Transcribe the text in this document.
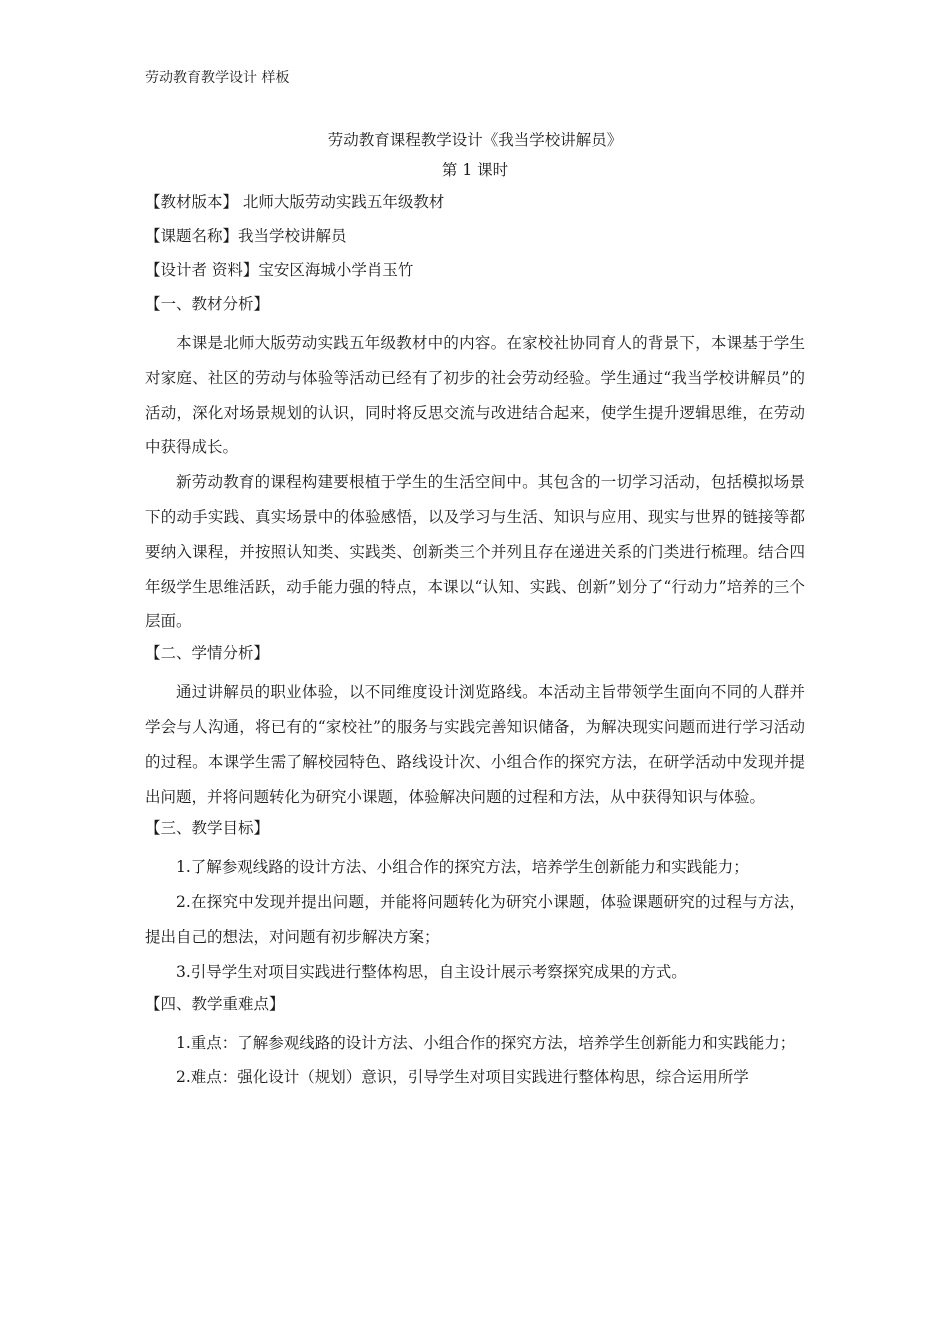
劳动教育教学设计 样板
劳动教育课程教学设计《我当学校讲解员》
第 1 课时
【教材版本】 北师大版劳动实践五年级教材
【课题名称】我当学校讲解员
【设计者 资料】宝安区海城小学肖玉竹
【一、教材分析】

本课是北师大版劳动实践五年级教材中的内容。在家校社协同育人的背景下，本课基于学生对家庭、社区的劳动与体验等活动已经有了初步的社会劳动经验。学生通过“我当学校讲解员”的活动，深化对场景规划的认识，同时将反思交流与改进结合起来，使学生提升逻辑思维，在劳动中获得成长。

新劳动教育的课程构建要根植于学生的生活空间中。其包含的一切学习活动，包括模拟场景下的动手实践、真实场景中的体验感悟，以及学习与生活、知识与应用、现实与世界的链接等都要纳入课程，并按照认知类、实践类、创新类三个并列且存在递进关系的门类进行梳理。结合四年级学生思维活跃，动手能力强的特点，本课以“认知、实践、创新”划分了“行动力”培养的三个层面。

【二、学情分析】

通过讲解员的职业体验，以不同维度设计浏览路线。本活动主旨带领学生面向不同的人群并学会与人沟通，将已有的“家校社”的服务与实践完善知识储备，为解决现实问题而进行学习活动的过程。本课学生需了解校园特色、路线设计次、小组合作的探究方法，在研学活动中发现并提出问题，并将问题转化为研究小课题，体验解决问题的过程和方法，从中获得知识与体验。

【三、教学目标】

1.了解参观线路的设计方法、小组合作的探究方法，培养学生创新能力和实践能力；

2.在探究中发现并提出问题，并能将问题转化为研究小课题，体验课题研究的过程与方法，提出自己的想法，对问题有初步解决方案；

3.引导学生对项目实践进行整体构思，自主设计展示考察探究成果的方式。

【四、教学重难点】

1.重点：了解参观线路的设计方法、小组合作的探究方法，培养学生创新能力和实践能力；

2.难点：强化设计（规划）意识，引导学生对项目实践进行整体构思，综合运用所学
